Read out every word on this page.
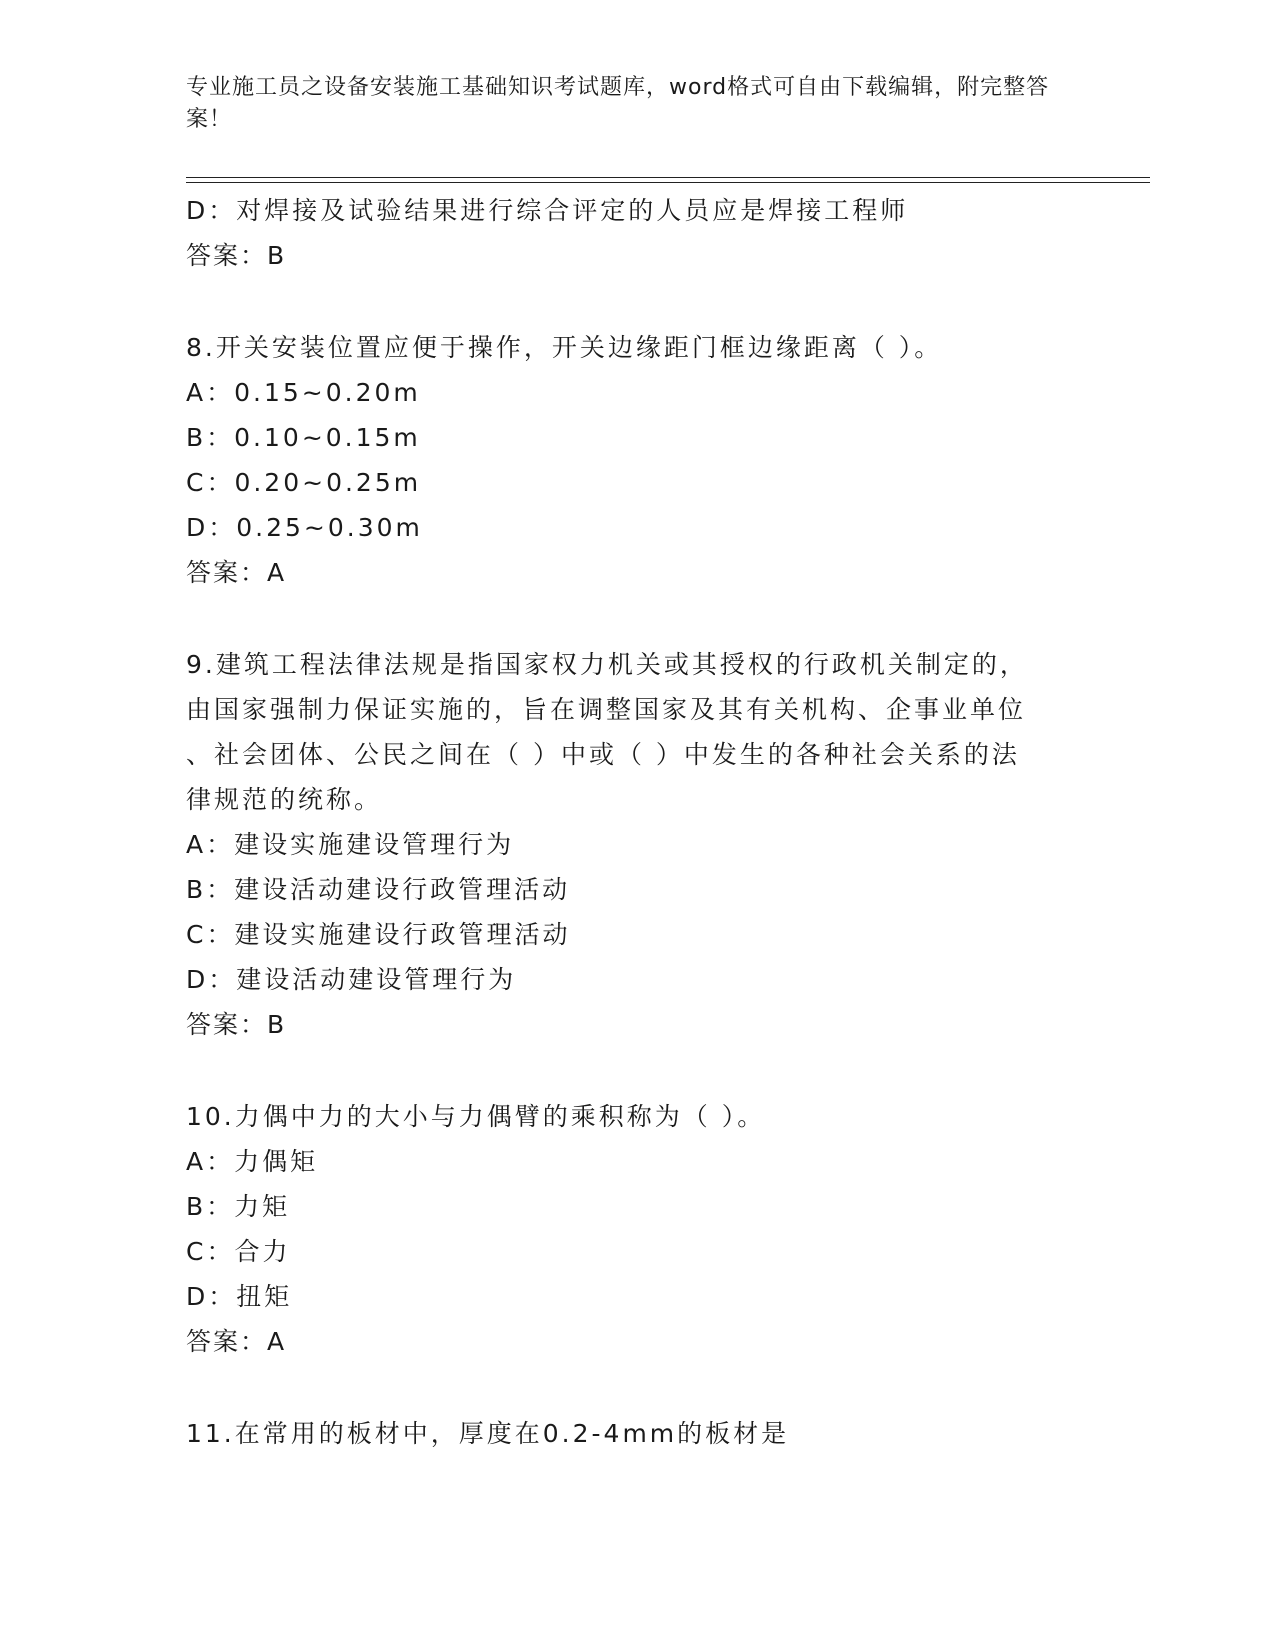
专业施工员之设备安装施工基础知识考试题库，word格式可自由下载编辑，附完整答案！
D：对焊接及试验结果进行综合评定的人员应是焊接工程师
答案：B
8.开关安装位置应便于操作，开关边缘距门框边缘距离（ ）。
A：0.15~0.20m
B：0.10~0.15m
C：0.20~0.25m
D：0.25~0.30m
答案：A
9.建筑工程法律法规是指国家权力机关或其授权的行政机关制定的，
由国家强制力保证实施的，旨在调整国家及其有关机构、企事业单位
、社会团体、公民之间在（ ）中或（ ）中发生的各种社会关系的法
律规范的统称。
A：建设实施建设管理行为
B：建设活动建设行政管理活动
C：建设实施建设行政管理活动
D：建设活动建设管理行为
答案：B
10.力偶中力的大小与力偶臂的乘积称为（ ）。
A：力偶矩
B：力矩
C：合力
D：扭矩
答案：A
11.在常用的板材中，厚度在0.2-4mm的板材是
